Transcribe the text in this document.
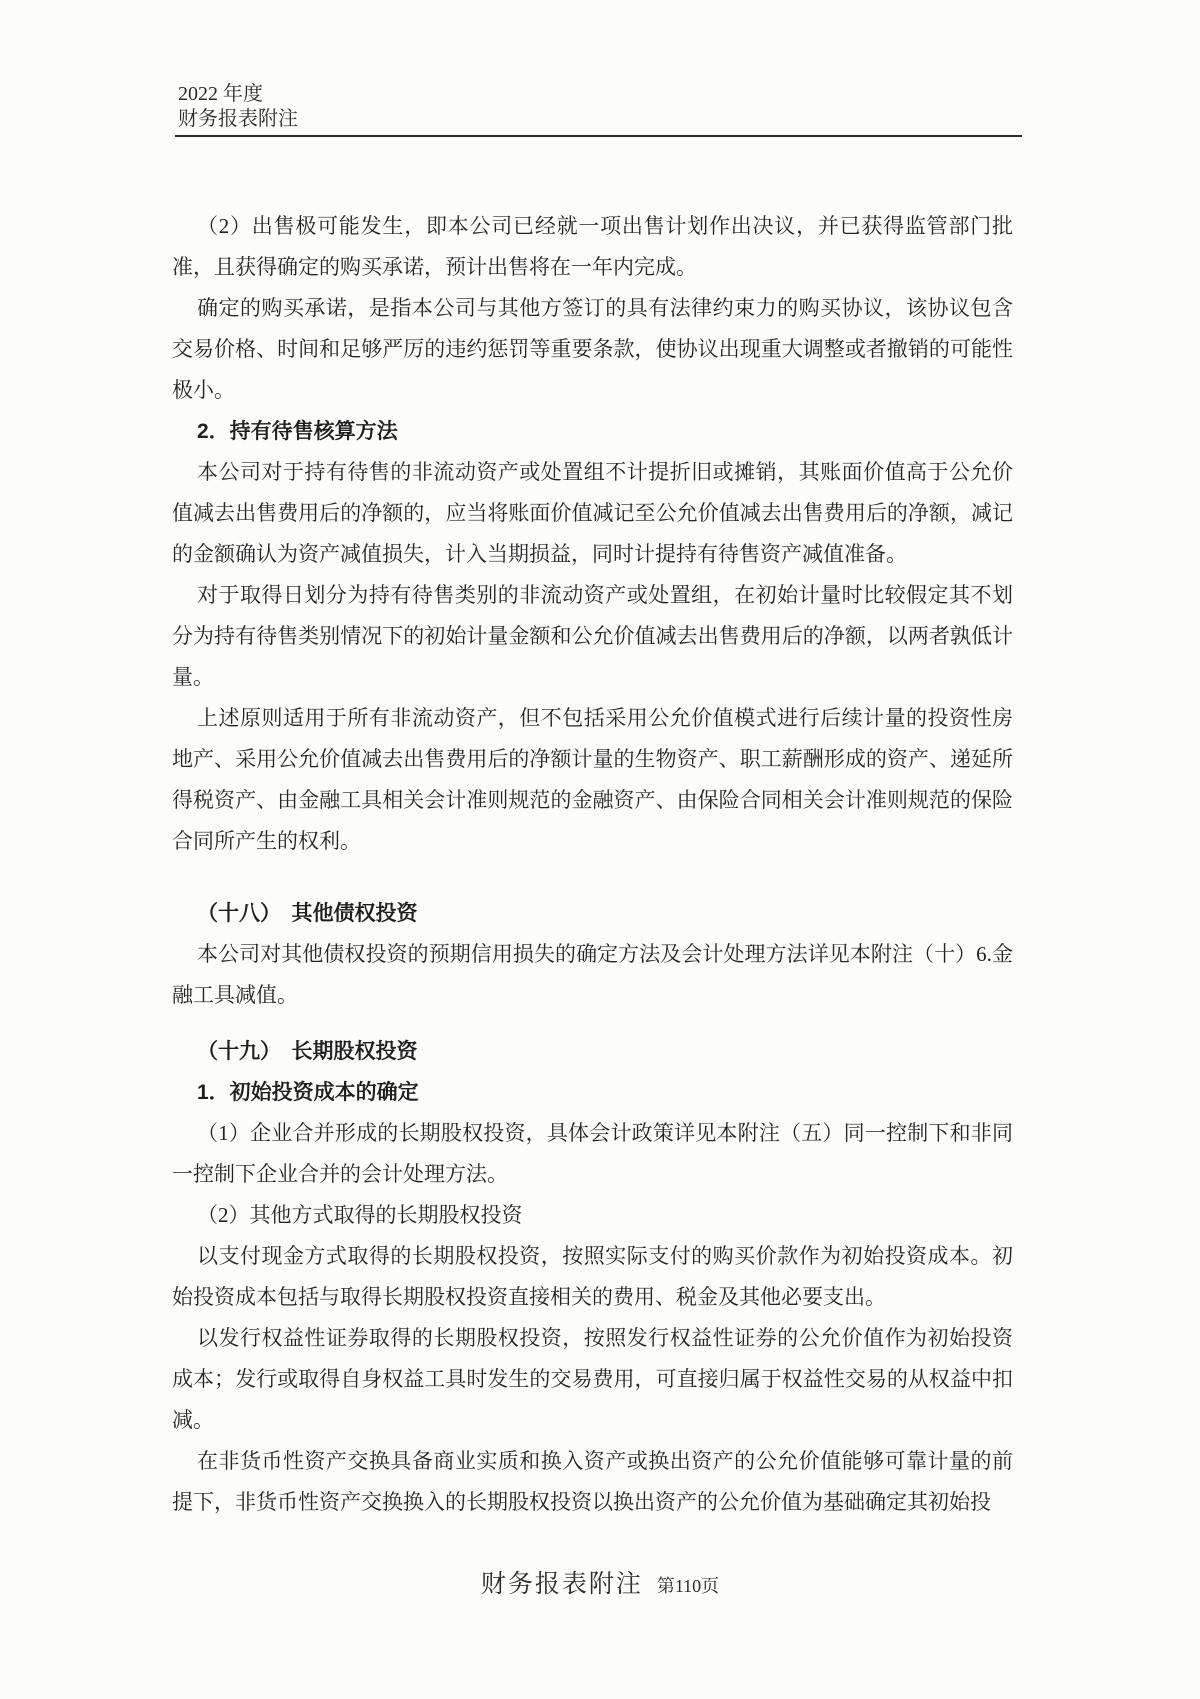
2022 年度
财务报表附注

（2）出售极可能发生，即本公司已经就一项出售计划作出决议，并已获得监管部门批准，且获得确定的购买承诺，预计出售将在一年内完成。

确定的购买承诺，是指本公司与其他方签订的具有法律约束力的购买协议，该协议包含交易价格、时间和足够严厉的违约惩罚等重要条款，使协议出现重大调整或者撤销的可能性极小。

2．持有待售核算方法

本公司对于持有待售的非流动资产或处置组不计提折旧或摊销，其账面价值高于公允价值减去出售费用后的净额的，应当将账面价值减记至公允价值减去出售费用后的净额，减记的金额确认为资产减值损失，计入当期损益，同时计提持有待售资产减值准备。

对于取得日划分为持有待售类别的非流动资产或处置组，在初始计量时比较假定其不划分为持有待售类别情况下的初始计量金额和公允价值减去出售费用后的净额，以两者孰低计量。

上述原则适用于所有非流动资产，但不包括采用公允价值模式进行后续计量的投资性房地产、采用公允价值减去出售费用后的净额计量的生物资产、职工薪酬形成的资产、递延所得税资产、由金融工具相关会计准则规范的金融资产、由保险合同相关会计准则规范的保险合同所产生的权利。

（十八）　其他债权投资

本公司对其他债权投资的预期信用损失的确定方法及会计处理方法详见本附注（十）6.金融工具减值。

（十九）　长期股权投资

1．初始投资成本的确定

（1）企业合并形成的长期股权投资，具体会计政策详见本附注（五）同一控制下和非同一控制下企业合并的会计处理方法。

（2）其他方式取得的长期股权投资

以支付现金方式取得的长期股权投资，按照实际支付的购买价款作为初始投资成本。初始投资成本包括与取得长期股权投资直接相关的费用、税金及其他必要支出。

以发行权益性证券取得的长期股权投资，按照发行权益性证券的公允价值作为初始投资成本；发行或取得自身权益工具时发生的交易费用，可直接归属于权益性交易的从权益中扣减。

在非货币性资产交换具备商业实质和换入资产或换出资产的公允价值能够可靠计量的前提下，非货币性资产交换换入的长期股权投资以换出资产的公允价值为基础确定其初始投

财务报表附注 第110页
